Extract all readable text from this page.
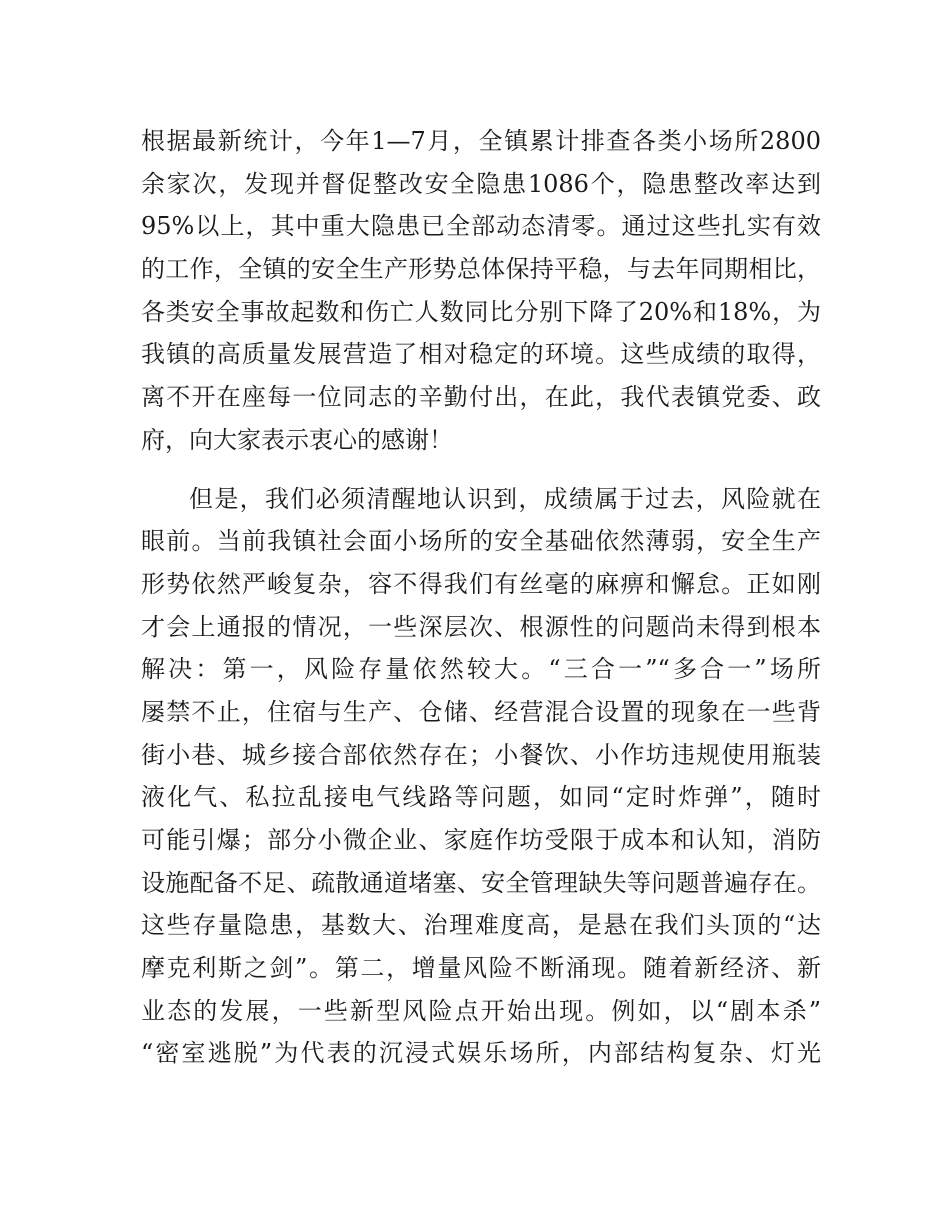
根据最新统计，今年1—7月，全镇累计排查各类小场所2800
余家次，发现并督促整改安全隐患1086个，隐患整改率达到
95%以上，其中重大隐患已全部动态清零。通过这些扎实有效
的工作，全镇的安全生产形势总体保持平稳，与去年同期相比，
各类安全事故起数和伤亡人数同比分别下降了20%和18%，为
我镇的高质量发展营造了相对稳定的环境。这些成绩的取得，
离不开在座每一位同志的辛勤付出，在此，我代表镇党委、政
府，向大家表示衷心的感谢！
但是，我们必须清醒地认识到，成绩属于过去，风险就在
眼前。当前我镇社会面小场所的安全基础依然薄弱，安全生产
形势依然严峻复杂，容不得我们有丝毫的麻痹和懈怠。正如刚
才会上通报的情况，一些深层次、根源性的问题尚未得到根本
解决：第一，风险存量依然较大。“三合一”“多合一”场所
屡禁不止，住宿与生产、仓储、经营混合设置的现象在一些背
街小巷、城乡接合部依然存在；小餐饮、小作坊违规使用瓶装
液化气、私拉乱接电气线路等问题，如同“定时炸弹”，随时
可能引爆；部分小微企业、家庭作坊受限于成本和认知，消防
设施配备不足、疏散通道堵塞、安全管理缺失等问题普遍存在。
这些存量隐患，基数大、治理难度高，是悬在我们头顶的“达
摩克利斯之剑”。第二，增量风险不断涌现。随着新经济、新
业态的发展，一些新型风险点开始出现。例如，以“剧本杀”
“密室逃脱”为代表的沉浸式娱乐场所，内部结构复杂、灯光
